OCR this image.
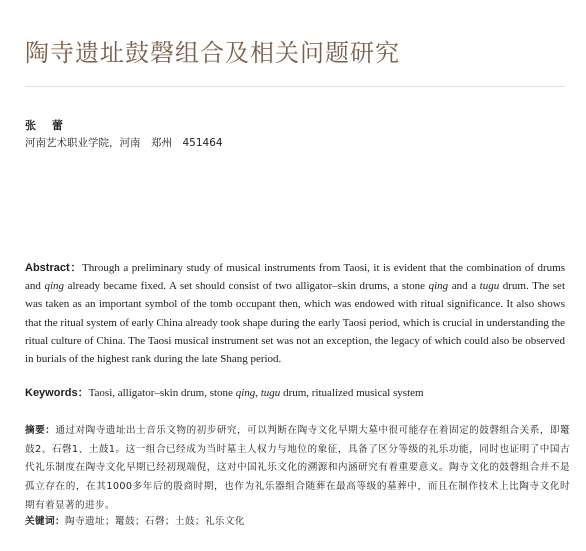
陶寺遗址鼓磬组合及相关问题研究
张 蕾
河南艺术职业学院，河南　郑州　451464

Abstract：Through a preliminary study of musical instruments from Taosi, it is evident that the combination of drums and qing already became fixed. A set should consist of two alligator–skin drums, a stone qing and a tugu drum. The set was taken as an important symbol of the tomb occupant then, which was endowed with ritual significance. It also shows that the ritual system of early China already took shape during the early Taosi period, which is crucial in understanding the ritual culture of China. The Taosi musical instrument set was not an exception, the legacy of which could also be observed in burials of the highest rank during the late Shang period.

Keywords：Taosi, alligator–skin drum, stone qing, tugu drum, ritualized musical system

摘要：通过对陶寺遗址出土音乐文物的初步研究，可以判断在陶寺文化早期大墓中很可能存在着固定的鼓磬组合关系，即鼍鼓2、石磬1、土鼓1。这一组合已经成为当时墓主人权力与地位的象征，具备了区分等级的礼乐功能，同时也证明了中国古代礼乐制度在陶寺文化早期已经初现端倪，这对中国礼乐文化的溯源和内涵研究有着重要意义。陶寺文化的鼓磬组合并不是孤立存在的，在其1000多年后的殷商时期，也作为礼乐器组合随葬在最高等级的墓葬中，而且在制作技术上比陶寺文化时期有着显著的进步。

关键词：陶寺遗址；鼍鼓；石磬；土鼓；礼乐文化
